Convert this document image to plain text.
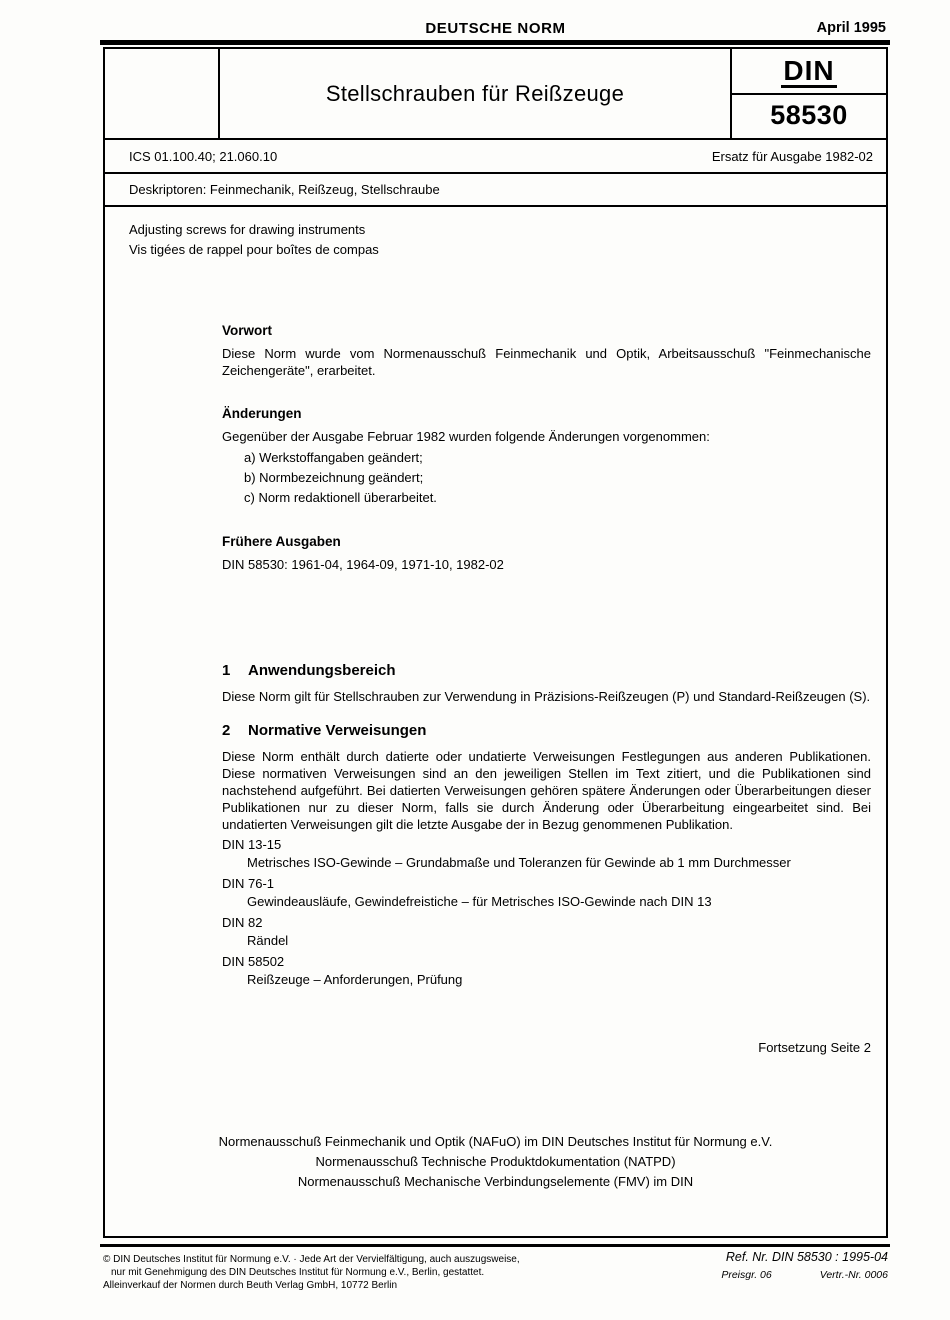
DEUTSCHE NORM	April 1995
Stellschrauben für Reißzeuge
DIN
58530
ICS 01.100.40; 21.060.10	Ersatz für Ausgabe 1982-02
Deskriptoren: Feinmechanik, Reißzeug, Stellschraube
Adjusting screws for drawing instruments
Vis tigées de rappel pour boîtes de compas
Vorwort

Diese Norm wurde vom Normenausschuß Feinmechanik und Optik, Arbeitsausschuß "Feinmechanische Zeichengeräte", erarbeitet.

Änderungen

Gegenüber der Ausgabe Februar 1982 wurden folgende Änderungen vorgenommen:

a) Werkstoffangaben geändert;
b) Normbezeichnung geändert;
c) Norm redaktionell überarbeitet.
Frühere Ausgaben

DIN 58530: 1961-04, 1964-09, 1971-10, 1982-02

1 Anwendungsbereich

Diese Norm gilt für Stellschrauben zur Verwendung in Präzisions-Reißzeugen (P) und Standard-Reißzeugen (S).

2 Normative Verweisungen

Diese Norm enthält durch datierte oder undatierte Verweisungen Festlegungen aus anderen Publikationen. Diese normativen Verweisungen sind an den jeweiligen Stellen im Text zitiert, und die Publikationen sind nachstehend aufgeführt. Bei datierten Verweisungen gehören spätere Änderungen oder Überarbeitungen dieser Publikationen nur zu dieser Norm, falls sie durch Änderung oder Überarbeitung eingearbeitet sind. Bei undatierten Verweisungen gilt die letzte Ausgabe der in Bezug genommenen Publikation.

DIN 13-15
Metrisches ISO-Gewinde – Grundabmaße und Toleranzen für Gewinde ab 1 mm Durchmesser
DIN 76-1
Gewindeausläufe, Gewindefreistiche – für Metrisches ISO-Gewinde nach DIN 13
DIN 82
Rändel
DIN 58502
Reißzeuge – Anforderungen, Prüfung
Fortsetzung Seite 2
Normenausschuß Feinmechanik und Optik (NAFuO) im DIN Deutsches Institut für Normung e.V.
Normenausschuß Technische Produktdokumentation (NATPD)
Normenausschuß Mechanische Verbindungselemente (FMV) im DIN
© DIN Deutsches Institut für Normung e.V. · Jede Art der Vervielfältigung, auch auszugsweise,
nur mit Genehmigung des DIN Deutsches Institut für Normung e.V., Berlin, gestattet.
Alleinverkauf der Normen durch Beuth Verlag GmbH, 10772 Berlin
Ref. Nr. DIN 58530 : 1995-04
Preisgr. 06	Vertr.-Nr. 0006
